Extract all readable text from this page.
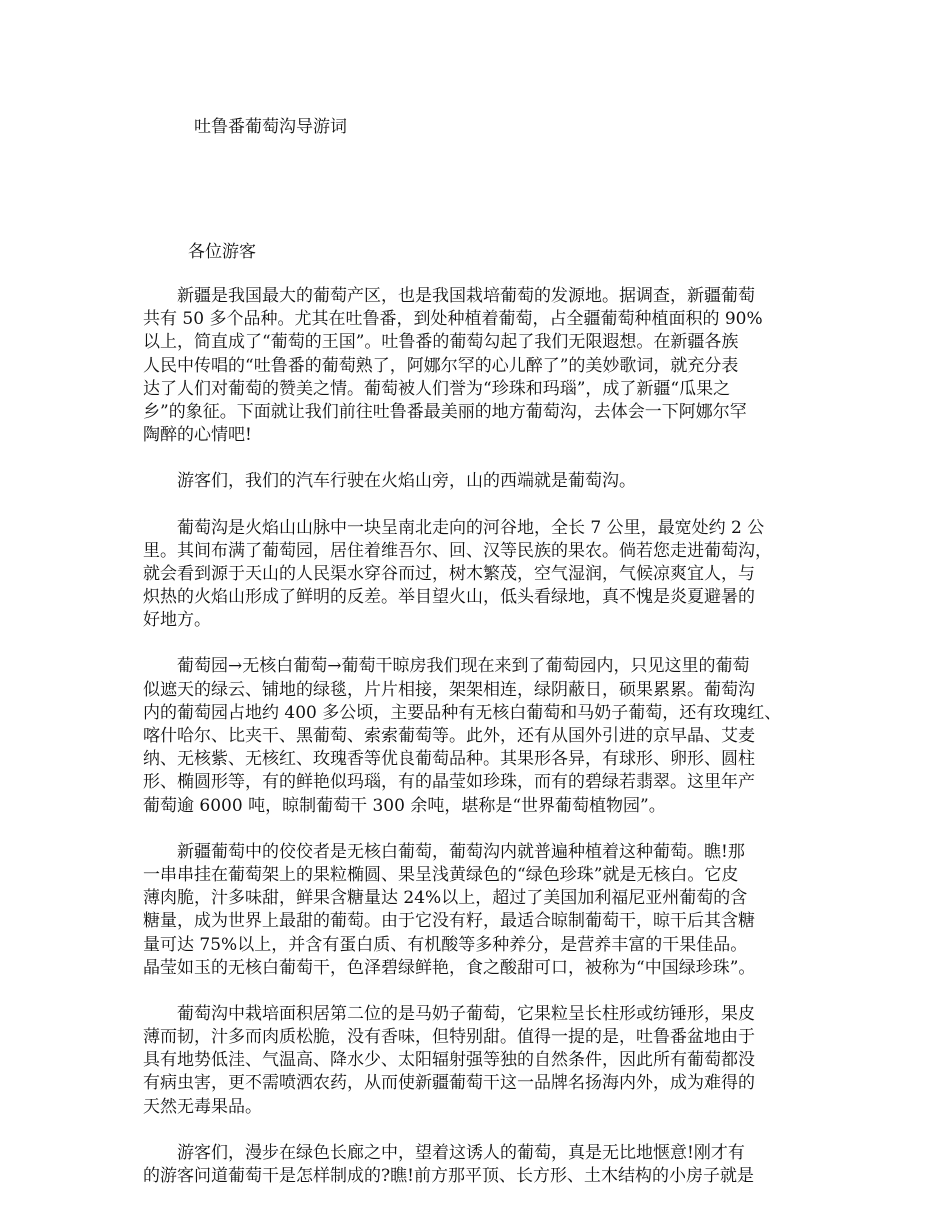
吐鲁番葡萄沟导游词

各位游客

新疆是我国最大的葡萄产区，也是我国栽培葡萄的发源地。据调查，新疆葡萄
共有 50 多个品种。尤其在吐鲁番，到处种植着葡萄，占全疆葡萄种植面积的 90%
以上，简直成了“葡萄的王国”。吐鲁番的葡萄勾起了我们无限遐想。在新疆各族
人民中传唱的“吐鲁番的葡萄熟了，阿娜尔罕的心儿醉了”的美妙歌词，就充分表
达了人们对葡萄的赞美之情。葡萄被人们誉为“珍珠和玛瑙”，成了新疆“瓜果之
乡”的象征。下面就让我们前往吐鲁番最美丽的地方葡萄沟，去体会一下阿娜尔罕
陶醉的心情吧!
游客们，我们的汽车行驶在火焰山旁，山的西端就是葡萄沟。
葡萄沟是火焰山山脉中一块呈南北走向的河谷地，全长 7 公里，最宽处约 2 公
里。其间布满了葡萄园，居住着维吾尔、回、汉等民族的果农。倘若您走进葡萄沟，
就会看到源于天山的人民渠水穿谷而过，树木繁茂，空气湿润，气候凉爽宜人，与
炽热的火焰山形成了鲜明的反差。举目望火山，低头看绿地，真不愧是炎夏避暑的
好地方。
葡萄园→无核白葡萄→葡萄干晾房我们现在来到了葡萄园内，只见这里的葡萄
似遮天的绿云、铺地的绿毯，片片相接，架架相连，绿阴蔽日，硕果累累。葡萄沟
内的葡萄园占地约 400 多公顷，主要品种有无核白葡萄和马奶子葡萄，还有玫瑰红、
喀什哈尔、比夹干、黑葡萄、索索葡萄等。此外，还有从国外引进的京早晶、艾麦
纳、无核紫、无核红、玫瑰香等优良葡萄品种。其果形各异，有球形、卵形、圆柱
形、椭圆形等，有的鲜艳似玛瑙，有的晶莹如珍珠，而有的碧绿若翡翠。这里年产
葡萄逾 6000 吨，晾制葡萄干 300 余吨，堪称是“世界葡萄植物园”。
新疆葡萄中的佼佼者是无核白葡萄，葡萄沟内就普遍种植着这种葡萄。瞧!那
一串串挂在葡萄架上的果粒椭圆、果呈浅黄绿色的“绿色珍珠”就是无核白。它皮
薄肉脆，汁多味甜，鲜果含糖量达 24%以上，超过了美国加利福尼亚州葡萄的含
糖量，成为世界上最甜的葡萄。由于它没有籽，最适合晾制葡萄干，晾干后其含糖
量可达 75%以上，并含有蛋白质、有机酸等多种养分，是营养丰富的干果佳品。
晶莹如玉的无核白葡萄干，色泽碧绿鲜艳，食之酸甜可口，被称为“中国绿珍珠”。
葡萄沟中栽培面积居第二位的是马奶子葡萄，它果粒呈长柱形或纺锤形，果皮
薄而韧，汁多而肉质松脆，没有香味，但特别甜。值得一提的是，吐鲁番盆地由于
具有地势低洼、气温高、降水少、太阳辐射强等独的自然条件，因此所有葡萄都没
有病虫害，更不需喷洒农药，从而使新疆葡萄干这一品牌名扬海内外，成为难得的
天然无毒果品。
游客们，漫步在绿色长廊之中，望着这诱人的葡萄，真是无比地惬意!刚才有
的游客问道葡萄干是怎样制成的?瞧!前方那平顶、长方形、土木结构的小房子就是
